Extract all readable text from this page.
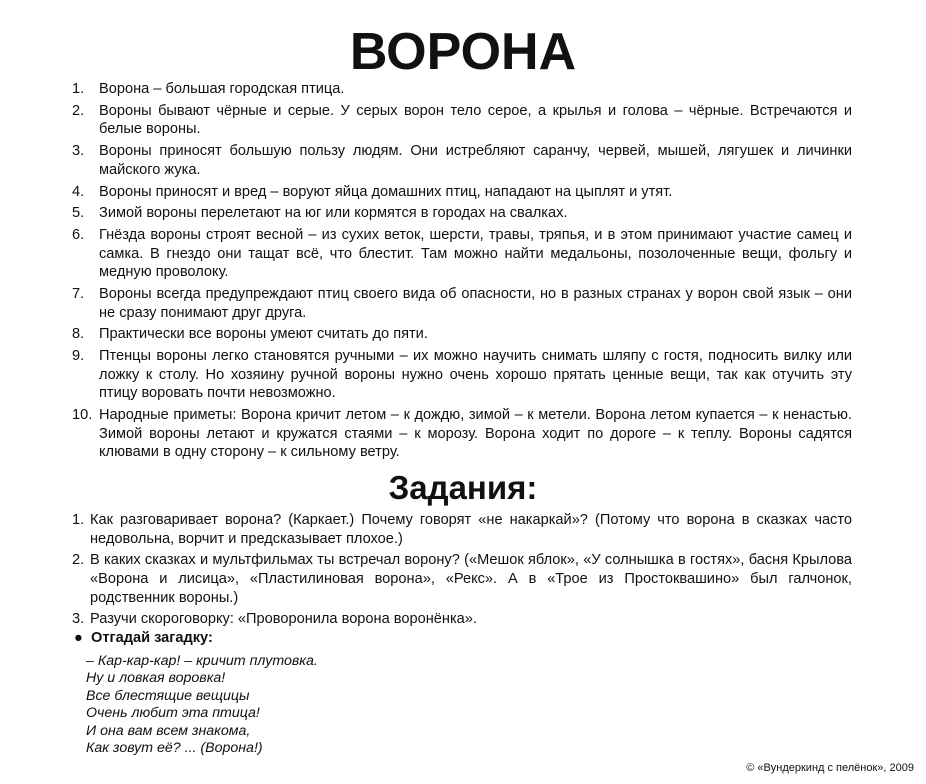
ВОРОНА
1.	Ворона – большая городская птица.
2.	Вороны бывают чёрные и серые. У серых ворон тело серое, а крылья и голова – чёрные. Встречаются и белые вороны.
3.	Вороны приносят большую пользу людям. Они истребляют саранчу, червей, мышей, лягушек и личинки майского жука.
4.	Вороны приносят и вред – воруют яйца домашних птиц, нападают на цыплят и утят.
5.	Зимой вороны перелетают на юг или кормятся в городах на свалках.
6.	Гнёзда вороны строят весной – из сухих веток, шерсти, травы, тряпья, и в этом принимают участие самец и самка. В гнездо они тащат всё, что блестит. Там можно найти медальоны, позолоченные вещи, фольгу и медную проволоку.
7.	Вороны всегда предупреждают птиц своего вида об опасности, но в разных странах у ворон свой язык – они не сразу понимают друг друга.
8.	Практически все вороны умеют считать до пяти.
9.	Птенцы вороны легко становятся ручными – их можно научить снимать шляпу с гостя, подносить вилку или ложку к столу. Но хозяину ручной вороны нужно очень хорошо прятать ценные вещи, так как отучить эту птицу воровать почти невозможно.
10. Народные приметы: Ворона кричит летом – к дождю, зимой – к метели. Ворона летом купается – к ненастью. Зимой вороны летают и кружатся стаями – к морозу. Ворона ходит по дороге – к теплу. Вороны садятся клювами в одну сторону – к сильному ветру.
Задания:
1. Как разговаривает ворона? (Каркает.) Почему говорят «не накаркай»? (Потому что ворона в сказках часто недовольна, ворчит и предсказывает плохое.)
2. В каких сказках и мультфильмах ты встречал ворону? («Мешок яблок», «У солнышка в гостях», басня Крылова «Ворона и лисица», «Пластилиновая ворона», «Рекс». А в «Трое из Простоквашино» был галчонок, родственник вороны.)
3. Разучи скороговорку: «Проворонила ворона воронёнка».
● Отгадай загадку:
– Кар-кар-кар! – кричит плутовка.
Ну и ловкая воровка!
Все блестящие вещицы
Очень любит эта птица!
И она вам всем знакома,
Как зовут её? ... (Ворона!)
© «Вундеркинд с пелёнок», 2009
